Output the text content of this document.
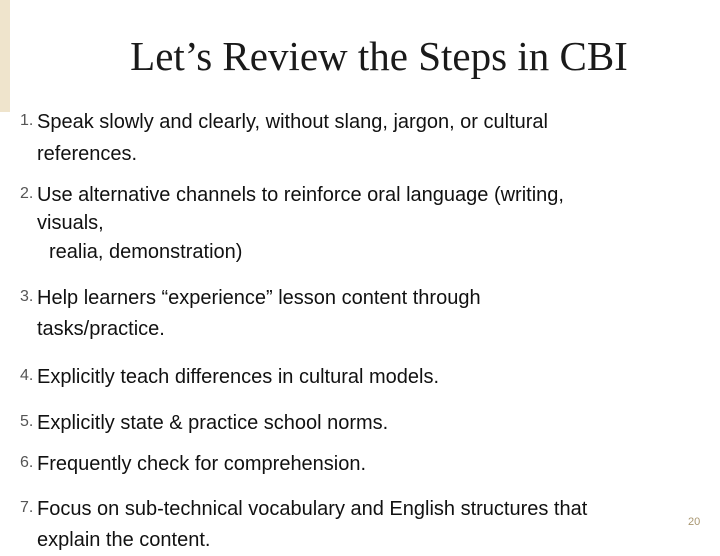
Let’s Review the Steps in CBI
1. Speak slowly and clearly, without slang, jargon, or cultural
references.
2. Use alternative channels to reinforce oral language (writing,
visuals,
realia, demonstration)
3. Help learners “experience” lesson content through
tasks/practice.
4. Explicitly teach differences in cultural models.
5. Explicitly state & practice school norms.
6. Frequently check for comprehension.
7. Focus on sub-technical vocabulary and English structures that
explain the content.
20
